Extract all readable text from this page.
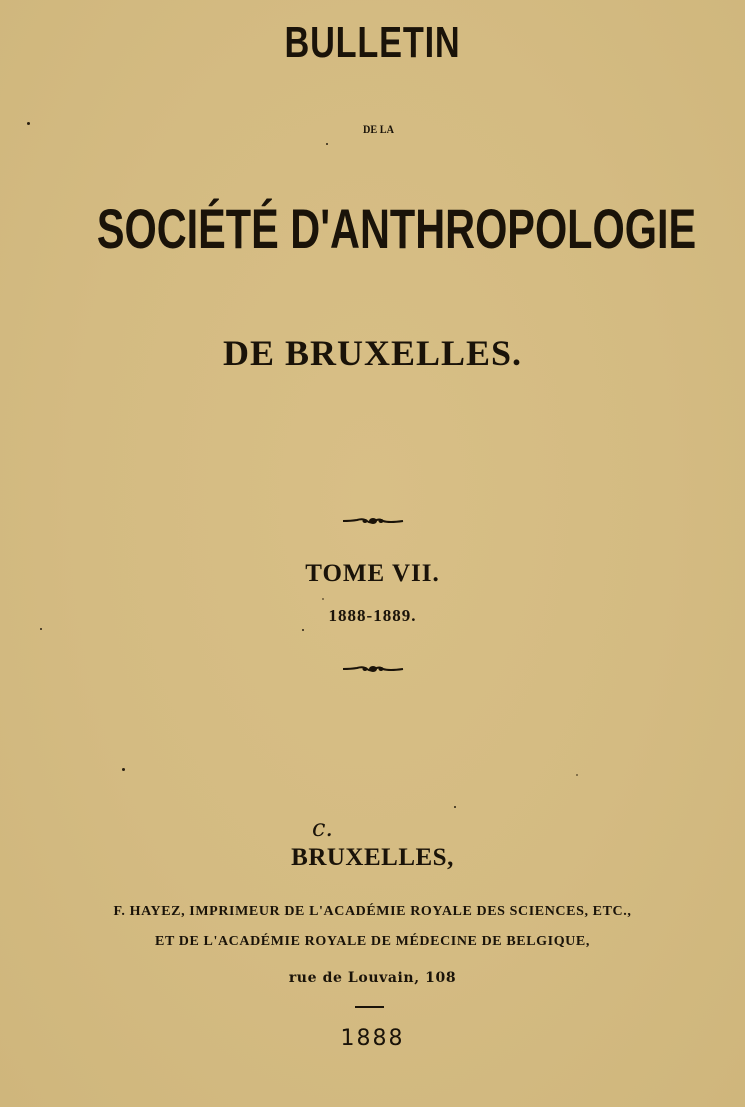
BULLETIN
DE LA
SOCIÉTÉ D'ANTHROPOLOGIE
DE BRUXELLES.
TOME VII.
1888-1889.
c.
BRUXELLES,
F. HAYEZ, IMPRIMEUR DE L'ACADÉMIE ROYALE DES SCIENCES, ETC.,
ET DE L'ACADÉMIE ROYALE DE MÉDECINE DE BELGIQUE,
rue de Louvain, 108
1888
